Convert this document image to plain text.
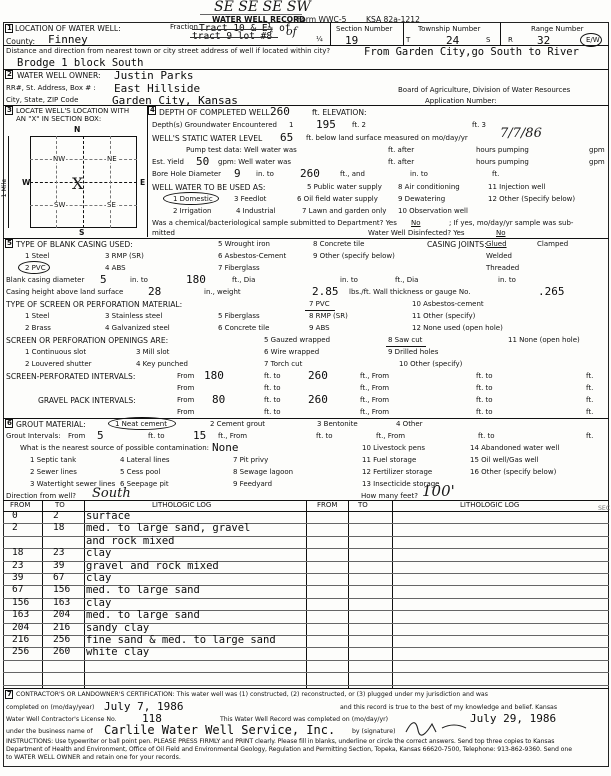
SE SE SE SW
WATER WELL RECORD
Form WWC-5	KSA 82a-1212
1 LOCATION OF WATER WELL:	Fraction Tract 10 & E½ of
tract 9 lot #8 of
¼
Section Number
19
Township Number
T	24	S
Range Number
R 32	E/W
County: Finney
Distance and direction from nearest town or city street address of well if located within city?	From Garden City,go South to River
Brodge 1 block South
2 WATER WELL OWNER: Justin Parks
RR#, St. Address, Box # : East Hillside
City, State, ZIP Code	Garden City, Kansas
Board of Agriculture, Division of Water Resources
Application Number:
3 LOCATE WELL'S LOCATION WITH
AN "X" IN SECTION BOX:
N
NW	NE
SW	SE
X
W	E
S
1 Mile
4 DEPTH OF COMPLETED WELL 260	ft. ELEVATION:
Depth(s) Groundwater Encountered 1 195 ft. 2	ft. 3
WELL'S STATIC WATER LEVEL 65 ft. below land surface measured on mo/day/yr 7/7/86
Pump test data: Well water was	ft. after	hours pumping	gpm
Est. Yield 50 gpm: Well water was	ft. after	hours pumping	gpm
Bore Hole Diameter 9 in. to 260	ft., and	in. to	ft.
WELL WATER TO BE USED AS:	5 Public water supply 8 Air conditioning	11 Injection well
1 Domestic	3 Feedlot	6 Oil field water supply	9 Dewatering	12 Other (Specify below)
2 Irrigation	4 Industrial	7 Lawn and garden only 10 Observation well
Was a chemical/bacteriological sample submitted to Department? Yes No	; If yes, mo/day/yr sample was sub-
mitted	Water Well Disinfected? Yes	No
5 TYPE OF BLANK CASING USED:	5 Wrought iron	8 Concrete tile	CASING JOINTS: Glued	Clamped
1 Steel	3 RMP (SR)	6 Asbestos-Cement	9 Other (specify below)	Welded
2 PVC	4 ABS	7 Fiberglass	Threaded
Blank casing diameter 5	in. to	180	ft., Dia	in. to	ft., Dia	in. to
Casing height above land surface 28	in., weight	2.85 lbs./ft. Wall thickness or gauge No.	.265
TYPE OF SCREEN OR PERFORATION MATERIAL:	7 PVC	10 Asbestos-cement
1 Steel	3 Stainless steel	5 Fiberglass	8 RMP (SR)	11 Other (specify)
2 Brass	4 Galvanized steel	6 Concrete tile	9 ABS	12 None used (open hole)
SCREEN OR PERFORATION OPENINGS ARE:	5 Gauzed wrapped	8 Saw cut	11 None (open hole)
1 Continuous slot	3 Mill slot	6 Wire wrapped	9 Drilled holes
2 Louvered shutter	4 Key punched	7 Torch cut	10 Other (specify)
SCREEN-PERFORATED INTERVALS:	From 180	ft. to 260	ft., From	ft. to	ft.
From	ft. to	ft., From	ft. to	ft.
GRAVEL PACK INTERVALS:	From 80	ft. to 260	ft., From	ft. to	ft.
From	ft. to	ft., From	ft. to	ft.
6 GROUT MATERIAL:	1 Neat cement	2 Cement grout	3 Bentonite	4 Other
Grout Intervals: From 5	ft. to	15 ft., From	ft. to	ft., From	ft. to	ft.
What is the nearest source of possible contamination: None	10 Livestock pens	14 Abandoned water well
1 Septic tank	4 Lateral lines	7 Pit privy	11 Fuel storage	15 Oil well/Gas well
2 Sewer lines	5 Cess pool	8 Sewage lagoon	12 Fertilizer storage	16 Other (specify below)
3 Watertight sewer lines 6 Seepage pit	9 Feedyard	13 Insecticide storage
Direction from well? South	How many feet? 100'
FROM	TO	LITHOLOGIC LOG	FROM	TO	LITHOLOGIC LOG
7 CONTRACTOR'S OR LANDOWNER'S CERTIFICATION: This water well was (1) constructed, (2) reconstructed, or (3) plugged under my jurisdiction and was
completed on (mo/day/year) July 7, 1986	and this record is true to the best of my knowledge and belief. Kansas
Water Well Contractor's License No. 118	This Water Well Record was completed on (mo/day/yr)	July 29, 1986
under the business name of Carlile Water Well Service, Inc.	by (signature)
INSTRUCTIONS: Use typewriter or ball point pen. PLEASE PRESS FIRMLY and PRINT clearly. Please fill in blanks, underline or circle the correct answers. Send top three copies to Kansas
Department of Health and Environment, Office of Oil Field and Environmental Geology, Regulation and Permitting Section, Topeka, Kansas 66620-7500, Telephone: 913-862-9360. Send one
to WATER WELL OWNER and retain one for your records.
SEC
0	2	surface
2	18 med. to large sand, gravel
and rock mixed
18	23 clay
23	39 gravel and rock mixed
39	67 clay
67	156 med. to large sand
156	163 clay
163	204 med. to large sand
204	216 sandy clay
216	256 fine sand & med. to large sand
256	260 white clay
